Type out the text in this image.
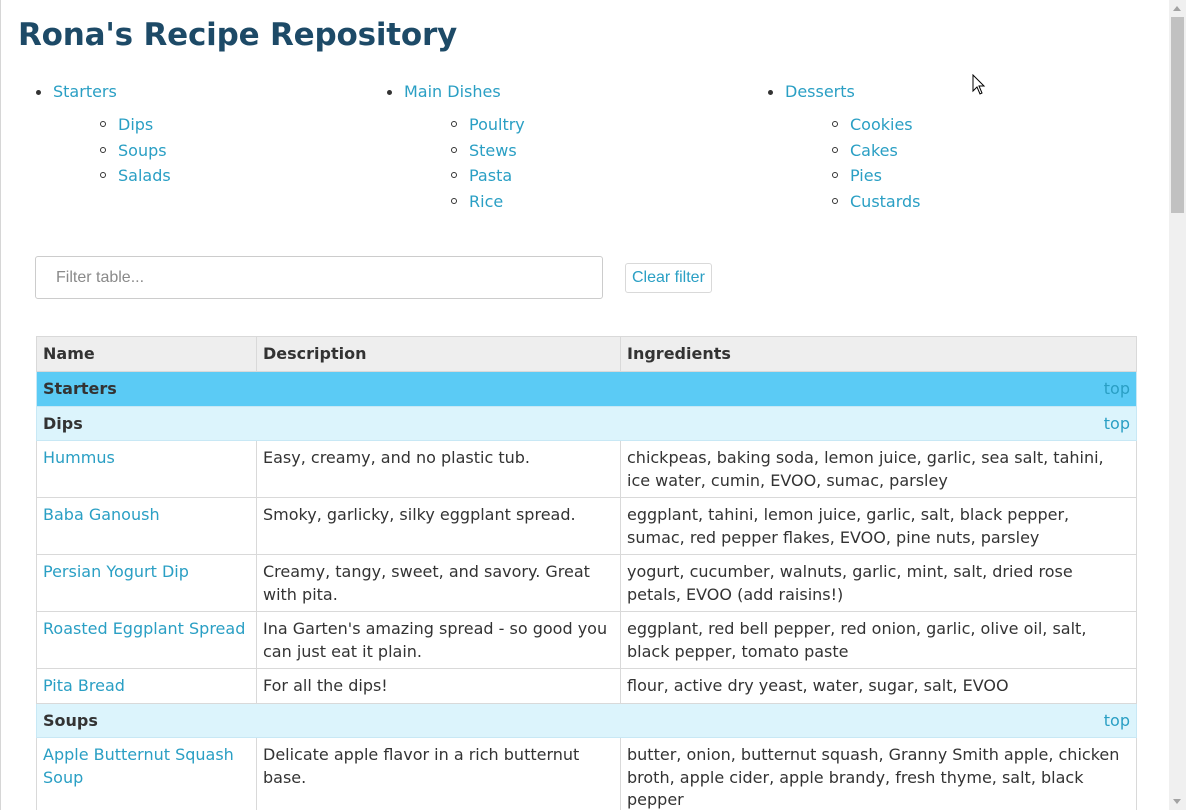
Rona's Recipe Repository
Starters
Dips
Soups
Salads
Main Dishes
Poultry
Stews
Pasta
Rice
Desserts
Cookies
Cakes
Pies
Custards
Filter table...
Clear filter
Name	Description	Ingredients
Starters top		

Dips top		

Hummus	Easy, creamy, and no plastic tub.	chickpeas, baking soda, lemon juice, garlic, sea salt, tahini, ice water, cumin, EVOO, sumac, parsley
Baba Ganoush	Smoky, garlicky, silky eggplant spread.	eggplant, tahini, lemon juice, garlic, salt, black pepper, sumac, red pepper flakes, EVOO, pine nuts, parsley
Persian Yogurt Dip	Creamy, tangy, sweet, and savory. Great with pita.	yogurt, cucumber, walnuts, garlic, mint, salt, dried rose petals, EVOO (add raisins!)
Roasted Eggplant Spread	Ina Garten's amazing spread - so good you can just eat it plain.	eggplant, red bell pepper, red onion, garlic, olive oil, salt, black pepper, tomato paste
Pita Bread	For all the dips!	flour, active dry yeast, water, sugar, salt, EVOO
Soups top		

Apple Butternut Squash Soup	Delicate apple flavor in a rich butternut base.	butter, onion, butternut squash, Granny Smith apple, chicken broth, apple cider, apple brandy, fresh thyme, salt, black pepper
